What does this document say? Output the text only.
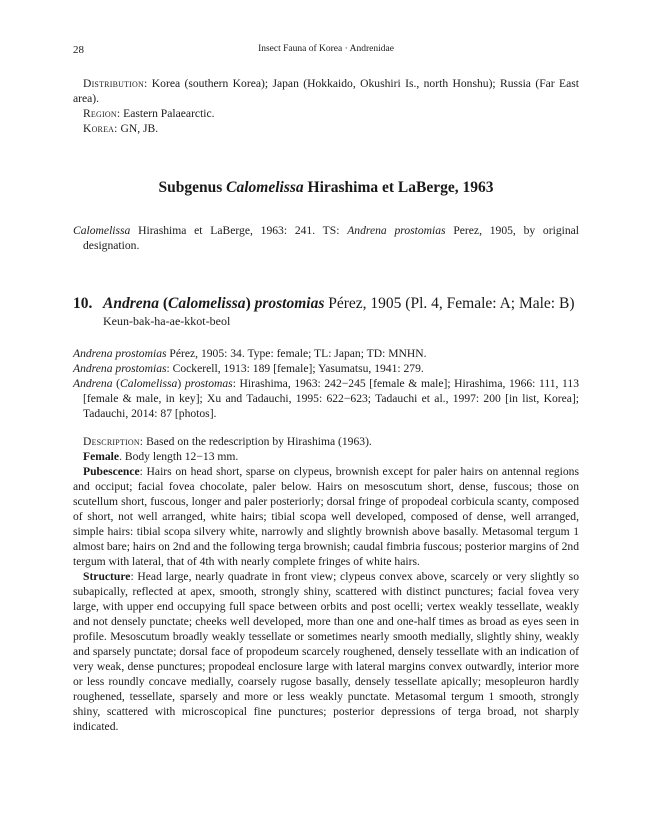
28	Insect Fauna of Korea · Andrenidae

Distribution: Korea (southern Korea); Japan (Hokkaido, Okushiri Is., north Honshu); Russia (Far East area).

Region: Eastern Palaearctic.

Korea: GN, JB.

Subgenus Calomelissa Hirashima et LaBerge, 1963

Calomelissa Hirashima et LaBerge, 1963: 241. TS: Andrena prostomias Perez, 1905, by original designation.

10. Andrena (Calomelissa) prostomias Pérez, 1905 (Pl. 4, Female: A; Male: B)
Keun-bak-ha-ae-kkot-beol

Andrena prostomias Pérez, 1905: 34. Type: female; TL: Japan; TD: MNHN.

Andrena prostomias: Cockerell, 1913: 189 [female]; Yasumatsu, 1941: 279.

Andrena (Calomelissa) prostomas: Hirashima, 1963: 242−245 [female & male]; Hirashima, 1966: 111, 113 [female & male, in key]; Xu and Tadauchi, 1995: 622−623; Tadauchi et al., 1997: 200 [in list, Korea]; Tadauchi, 2014: 87 [photos].

Description: Based on the redescription by Hirashima (1963).

Female. Body length 12−13 mm.

Pubescence: Hairs on head short, sparse on clypeus, brownish except for paler hairs on antennal regions and occiput; facial fovea chocolate, paler below. Hairs on mesoscutum short, dense, fuscous; those on scutellum short, fuscous, longer and paler posteriorly; dorsal fringe of propodeal corbicula scanty, composed of short, not well arranged, white hairs; tibial scopa well developed, composed of dense, well arranged, simple hairs: tibial scopa silvery white, narrowly and slightly brownish above basally. Metasomal tergum 1 almost bare; hairs on 2nd and the following terga brownish; caudal fimbria fuscous; posterior margins of 2nd tergum with lateral, that of 4th with nearly complete fringes of white hairs.

Structure: Head large, nearly quadrate in front view; clypeus convex above, scarcely or very slightly so subapically, reflected at apex, smooth, strongly shiny, scattered with distinct punctures; facial fovea very large, with upper end occupying full space between orbits and post ocelli; vertex weakly tessellate, weakly and not densely punctate; cheeks well developed, more than one and one-half times as broad as eyes seen in profile. Mesoscutum broadly weakly tessellate or sometimes nearly smooth medially, slightly shiny, weakly and sparsely punctate; dorsal face of propodeum scarcely roughened, densely tessellate with an indication of very weak, dense punctures; propodeal enclosure large with lateral margins convex outwardly, interior more or less roundly concave medially, coarsely rugose basally, densely tessellate apically; mesopleuron hardly roughened, tessellate, sparsely and more or less weakly punctate. Metasomal tergum 1 smooth, strongly shiny, scattered with microscopical fine punctures; posterior depressions of terga broad, not sharply indicated.
